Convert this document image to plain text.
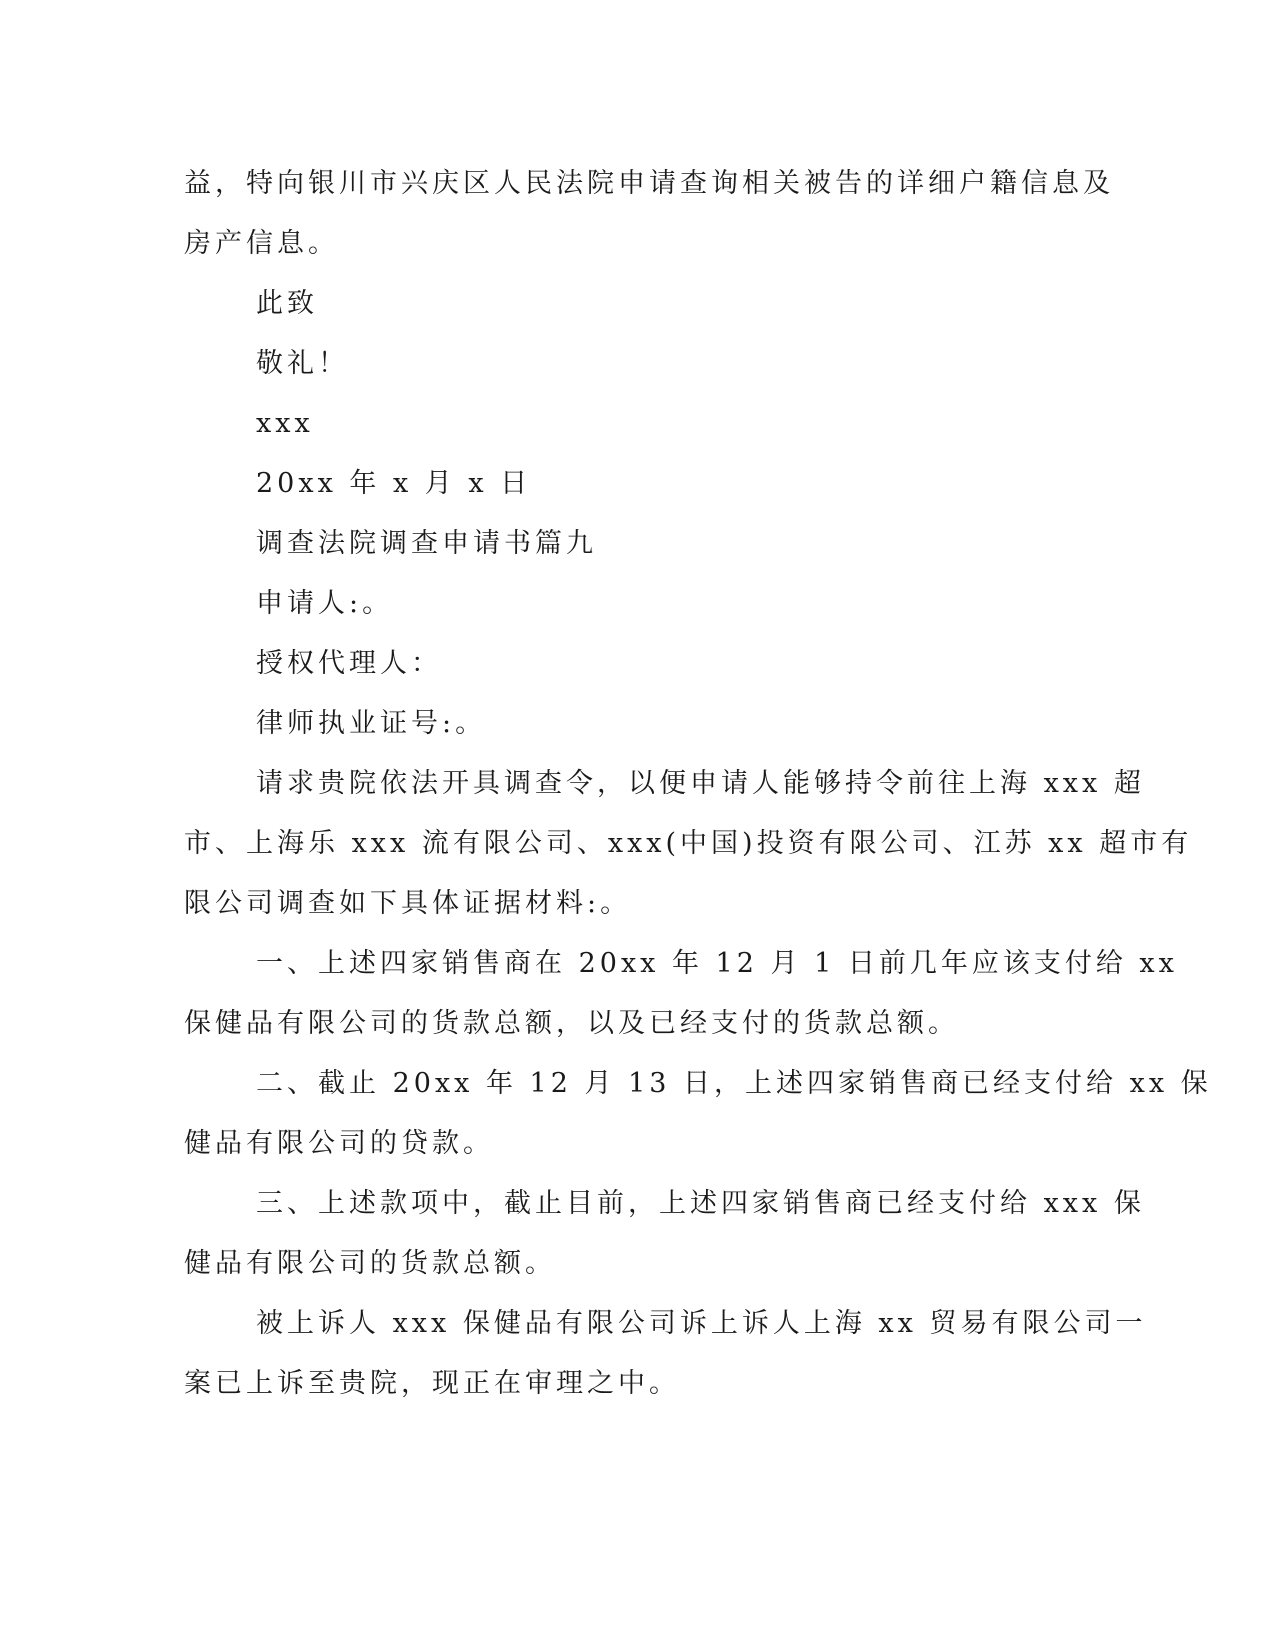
益，特向银川市兴庆区人民法院申请查询相关被告的详细户籍信息及
房产信息。
此致
敬礼！
xxx
20xx 年 x 月 x 日
调查法院调查申请书篇九
申请人:。
授权代理人：
律师执业证号:。
请求贵院依法开具调查令，以便申请人能够持令前往上海 xxx 超
市、上海乐 xxx 流有限公司、xxx(中国)投资有限公司、江苏 xx 超市有
限公司调查如下具体证据材料:。
一、上述四家销售商在 20xx 年 12 月 1 日前几年应该支付给 xx
保健品有限公司的货款总额，以及已经支付的货款总额。
二、截止 20xx 年 12 月 13 日，上述四家销售商已经支付给 xx 保
健品有限公司的贷款。
三、上述款项中，截止目前，上述四家销售商已经支付给 xxx 保
健品有限公司的货款总额。
被上诉人 xxx 保健品有限公司诉上诉人上海 xx 贸易有限公司一
案已上诉至贵院，现正在审理之中。
